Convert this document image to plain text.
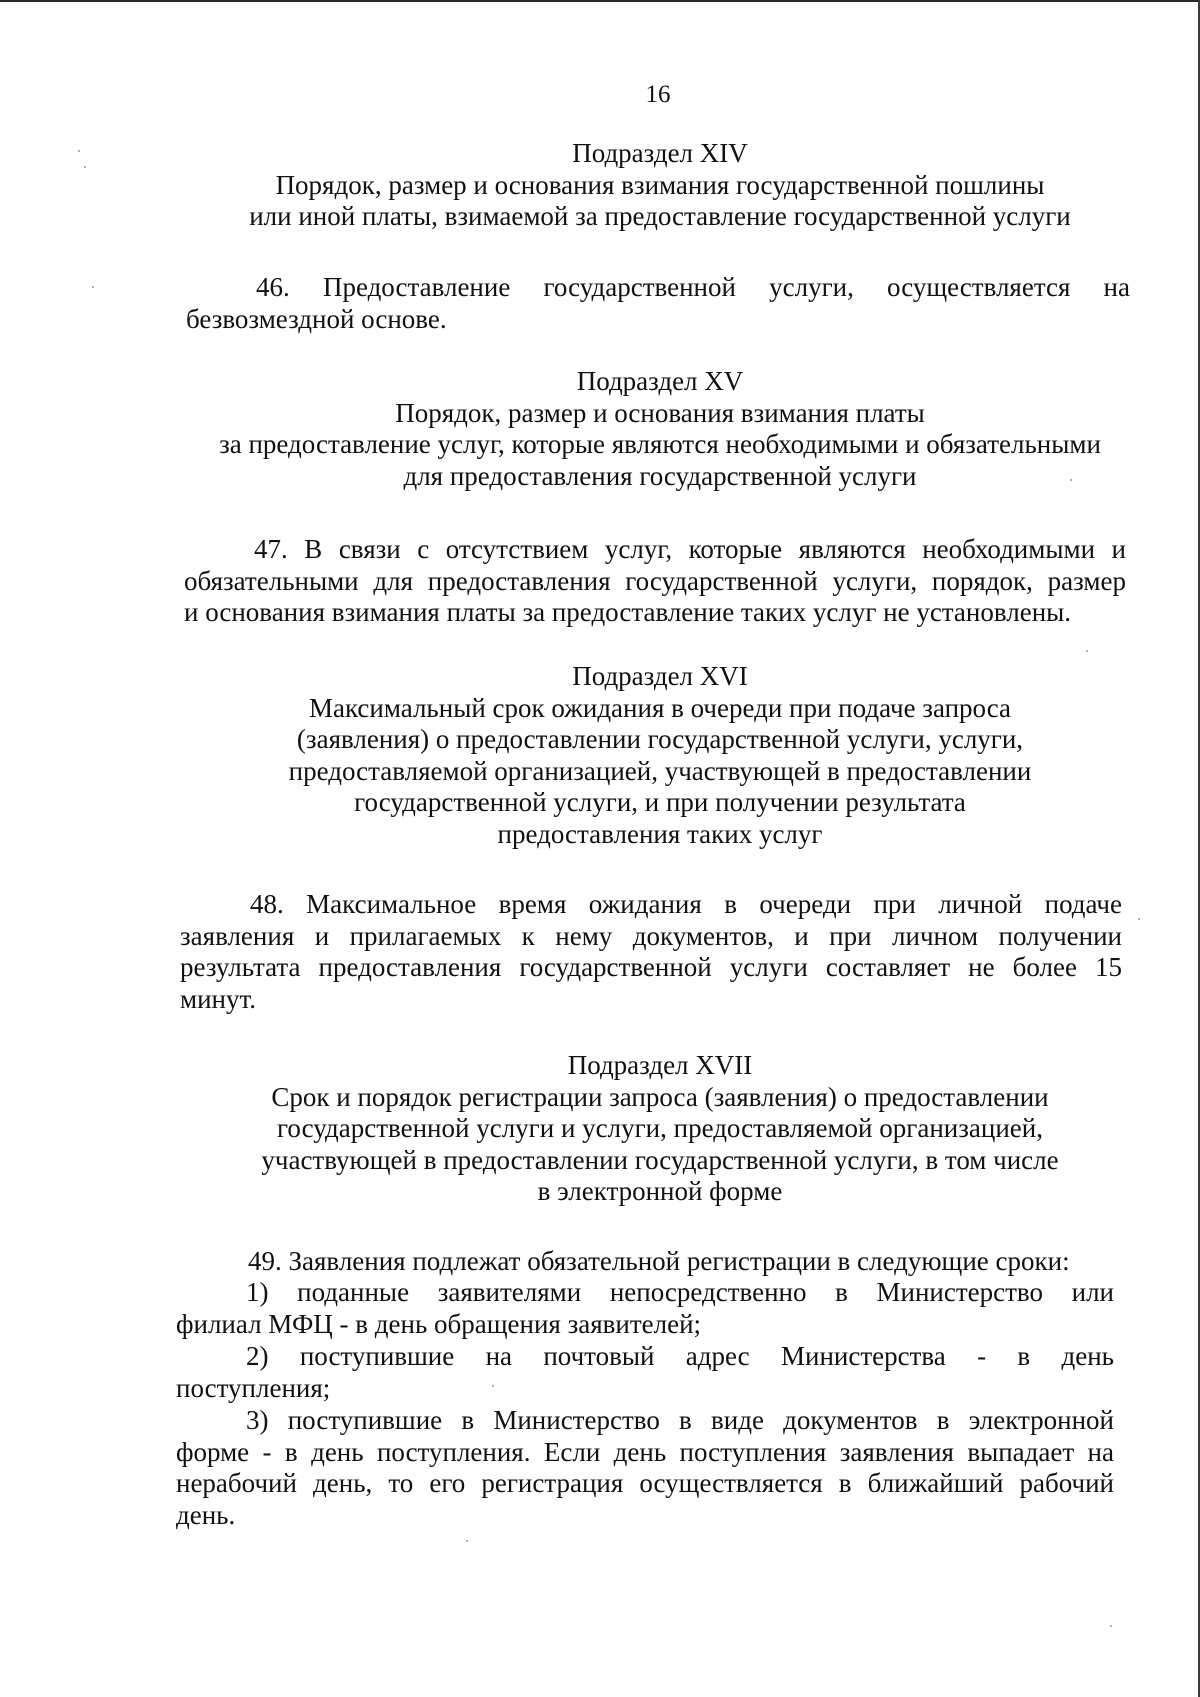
16
Подраздел XIV
Порядок, размер и основания взимания государственной пошлины
или иной платы, взимаемой за предоставление государственной услуги
46. Предоставление государственной услуги, осуществляется на
безвозмездной основе.
Подраздел XV
Порядок, размер и основания взимания платы
за предоставление услуг, которые являются необходимыми и обязательными
для предоставления государственной услуги
47. В связи с отсутствием услуг, которые являются необходимыми и
обязательными для предоставления государственной услуги, порядок, размер
и основания взимания платы за предоставление таких услуг не установлены.
Подраздел XVI
Максимальный срок ожидания в очереди при подаче запроса
(заявления) о предоставлении государственной услуги, услуги,
предоставляемой организацией, участвующей в предоставлении
государственной услуги, и при получении результата
предоставления таких услуг
48. Максимальное время ожидания в очереди при личной подаче
заявления и прилагаемых к нему документов, и при личном получении
результата предоставления государственной услуги составляет не более 15
минут.
Подраздел XVII
Срок и порядок регистрации запроса (заявления) о предоставлении
государственной услуги и услуги, предоставляемой организацией,
участвующей в предоставлении государственной услуги, в том числе
в электронной форме
49. Заявления подлежат обязательной регистрации в следующие сроки:
1) поданные заявителями непосредственно в Министерство или
филиал МФЦ - в день обращения заявителей;
2) поступившие на почтовый адрес Министерства - в день
поступления;
3) поступившие в Министерство в виде документов в электронной
форме - в день поступления. Если день поступления заявления выпадает на
нерабочий день, то его регистрация осуществляется в ближайший рабочий
день.
